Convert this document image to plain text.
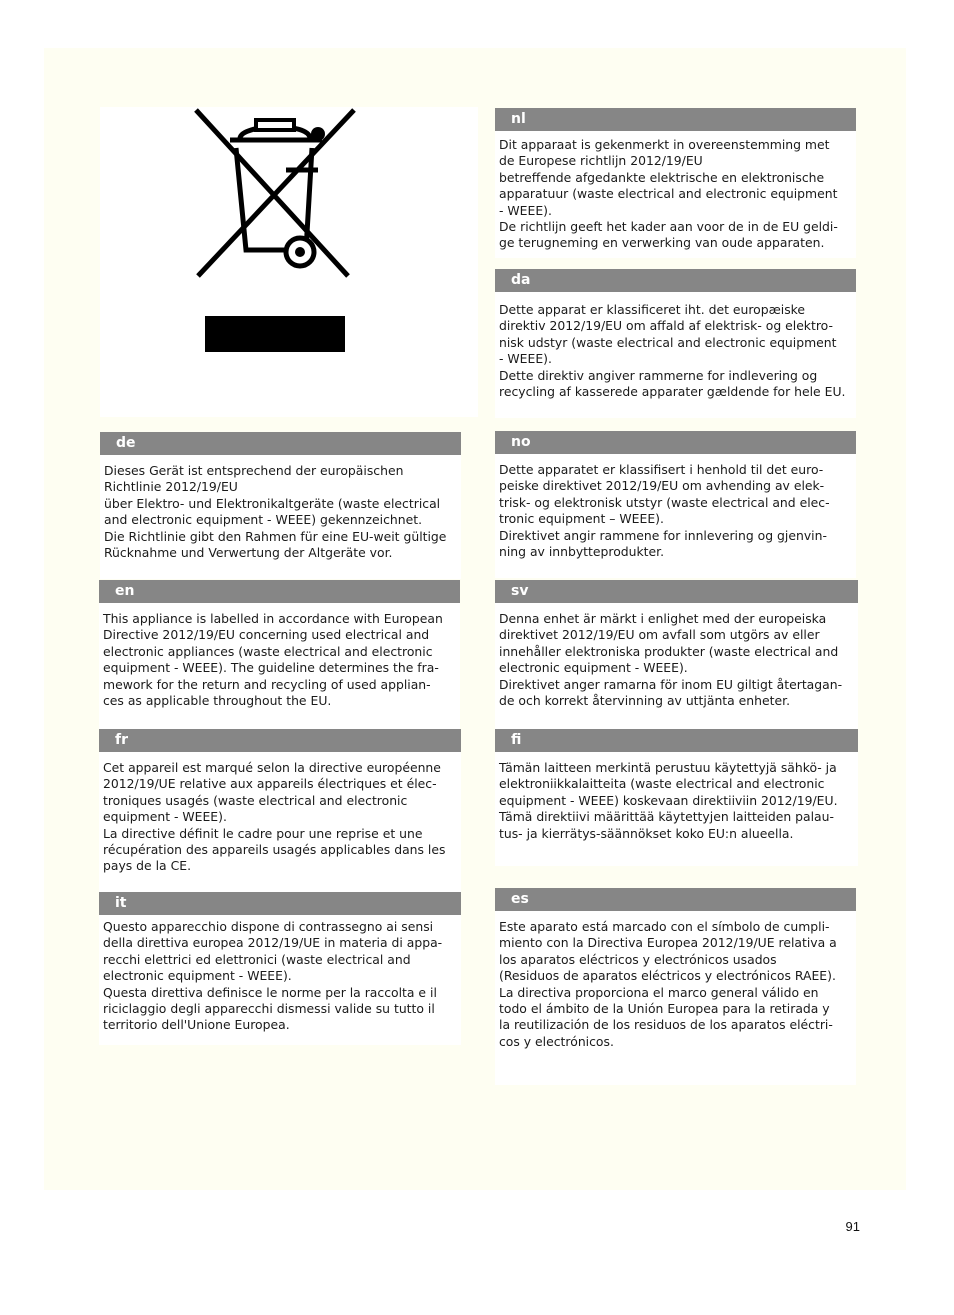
nl
Dit apparaat is gekenmerkt in overeenstemming met
de Europese richtlijn 2012/19/EU
betreffende afgedankte elektrische en elektronische
apparatuur (waste electrical and electronic equipment
- WEEE).
De richtlijn geeft het kader aan voor de in de EU geldi-
ge terugneming en verwerking van oude apparaten.
da
Dette apparat er klassificeret iht. det europæiske
direktiv 2012/19/EU om affald af elektrisk- og elektro-
nisk udstyr (waste electrical and electronic equipment
- WEEE).
Dette direktiv angiver rammerne for indlevering og
recycling af kasserede apparater gældende for hele EU.
no
Dette apparatet er klassifisert i henhold til det euro-
peiske direktivet 2012/19/EU om avhending av elek-
trisk- og elektronisk utstyr (waste electrical and elec-
tronic equipment – WEEE).
Direktivet angir rammene for innlevering og gjenvin-
ning av innbytteprodukter.
sv
Denna enhet är märkt i enlighet med der europeiska
direktivet 2012/19/EU om avfall som utgörs av eller
innehåller elektroniska produkter (waste electrical and
electronic equipment - WEEE).
Direktivet anger ramarna för inom EU giltigt återtagan-
de och korrekt återvinning av uttjänta enheter.
fi
Tämän laitteen merkintä perustuu käytettyjä sähkö- ja
elektroniikkalaitteita (waste electrical and electronic
equipment - WEEE) koskevaan direktiiviin 2012/19/EU.
Tämä direktiivi määrittää käytettyjen laitteiden palau-
tus- ja kierrätys-säännökset koko EU:n alueella.
es
Este aparato está marcado con el símbolo de cumpli-
miento con la Directiva Europea 2012/19/UE relativa a
los aparatos eléctricos y electrónicos usados
(Residuos de aparatos eléctricos y electrónicos RAEE).
La directiva proporciona el marco general válido en
todo el ámbito de la Unión Europea para la retirada y
la reutilización de los residuos de los aparatos eléctri-
cos y electrónicos.
de
Dieses Gerät ist entsprechend der europäischen
Richtlinie 2012/19/EU
über Elektro- und Elektronikaltgeräte (waste electrical
and electronic equipment - WEEE) gekennzeichnet.
Die Richtlinie gibt den Rahmen für eine EU-weit gültige
Rücknahme und Verwertung der Altgeräte vor.
en
This appliance is labelled in accordance with European
Directive 2012/19/EU concerning used electrical and
electronic appliances (waste electrical and electronic
equipment - WEEE). The guideline determines the fra-
mework for the return and recycling of used applian-
ces as applicable throughout the EU.
fr
Cet appareil est marqué selon la directive européenne
2012/19/UE relative aux appareils électriques et élec-
troniques usagés (waste electrical and electronic
equipment - WEEE).
La directive définit le cadre pour une reprise et une
récupération des appareils usagés applicables dans les
pays de la CE.
it
Questo apparecchio dispone di contrassegno ai sensi
della direttiva europea 2012/19/UE in materia di appa-
recchi elettrici ed elettronici (waste electrical and
electronic equipment - WEEE).
Questa direttiva definisce le norme per la raccolta e il
riciclaggio degli apparecchi dismessi valide su tutto il
territorio dell'Unione Europea.
91
